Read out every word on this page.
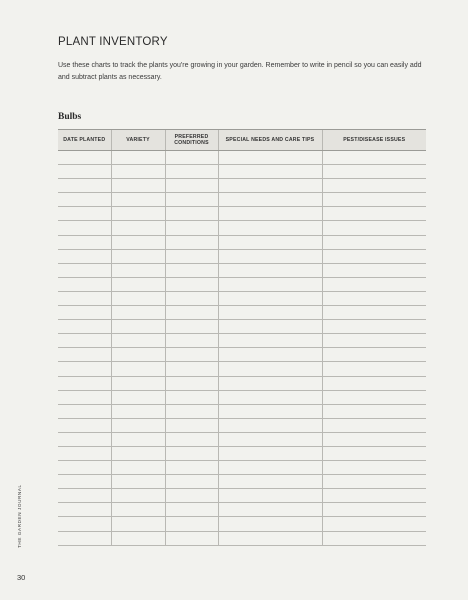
PLANT INVENTORY
Use these charts to track the plants you're growing in your garden. Remember to write in pencil so you can easily add and subtract plants as necessary.
Bulbs
DATE PLANTED	VARIETY	PREFERRED CONDITIONS	SPECIAL NEEDS AND CARE TIPS	PEST/DISEASE ISSUES

THE GARDEN JOURNAL
30
